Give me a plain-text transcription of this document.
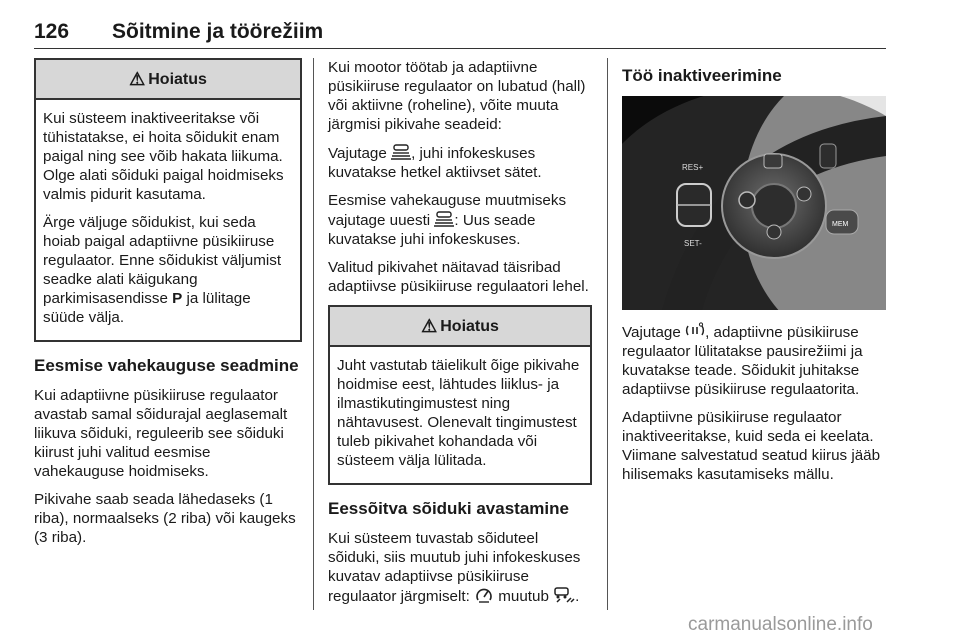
126 Sõitmine ja töörežiim
⚠ Hoiatus

Kui süsteem inaktiveeritakse või tühistatakse, ei hoita sõidukit enam paigal ning see võib hakata liikuma. Olge alati sõiduki paigal hoidmiseks valmis pidurit kasutama.

Ärge väljuge sõidukist, kui seda hoiab paigal adaptiivne püsikiiruse regulaator. Enne sõidukist väljumist seadke alati käigukang parkimisasendisse P ja lülitage süüde välja.

Eesmise vahekauguse seadmine

Kui adaptiivne püsikiiruse regulaator avastab samal sõidurajal aeglasemalt liikuva sõiduki, reguleerib see sõiduki kiirust juhi valitud eesmise vahekauguse hoidmiseks.

Pikivahe saab seada lähedaseks (1 riba), normaalseks (2 riba) või kaugeks (3 riba).

Kui mootor töötab ja adaptiivne püsikiiruse regulaator on lubatud (hall) või aktiivne (roheline), võite muuta järgmisi pikivahe seadeid:

Vajutage , juhi infokeskuses kuvatakse hetkel aktiivset sätet.

Eesmise vahekauguse muutmiseks vajutage uuesti : Uus seade kuvatakse juhi infokeskuses.

Valitud pikivahet näitavad täisribad adaptiivse püsikiiruse regulaatori lehel.

⚠ Hoiatus

Juht vastutab täielikult õige pikivahe hoidmise eest, lähtudes liiklus- ja ilmastikutingimustest ning nähtavusest. Olenevalt tingimustest tuleb pikivahet kohandada või süsteem välja lülitada.

Eessõitva sõiduki avastamine

Kui süsteem tuvastab sõiduteel sõiduki, siis muutub juhi infokeskuses kuvatav adaptiivse püsikiiruse regulaator järgmiselt:  muutub .

Töö inaktiveerimine
RES+
SET-
MEM

Vajutage , adaptiivne püsikiiruse regulaator lülitatakse pausirežiimi ja kuvatakse teade. Sõidukit juhitakse adaptiivse püsikiiruse regulaatorita.

Adaptiivne püsikiiruse regulaator inaktiveeritakse, kuid seda ei keelata. Viimane salvestatud seatud kiirus jääb hilisemaks kasutamiseks mällu.

carmanualsonline.info
